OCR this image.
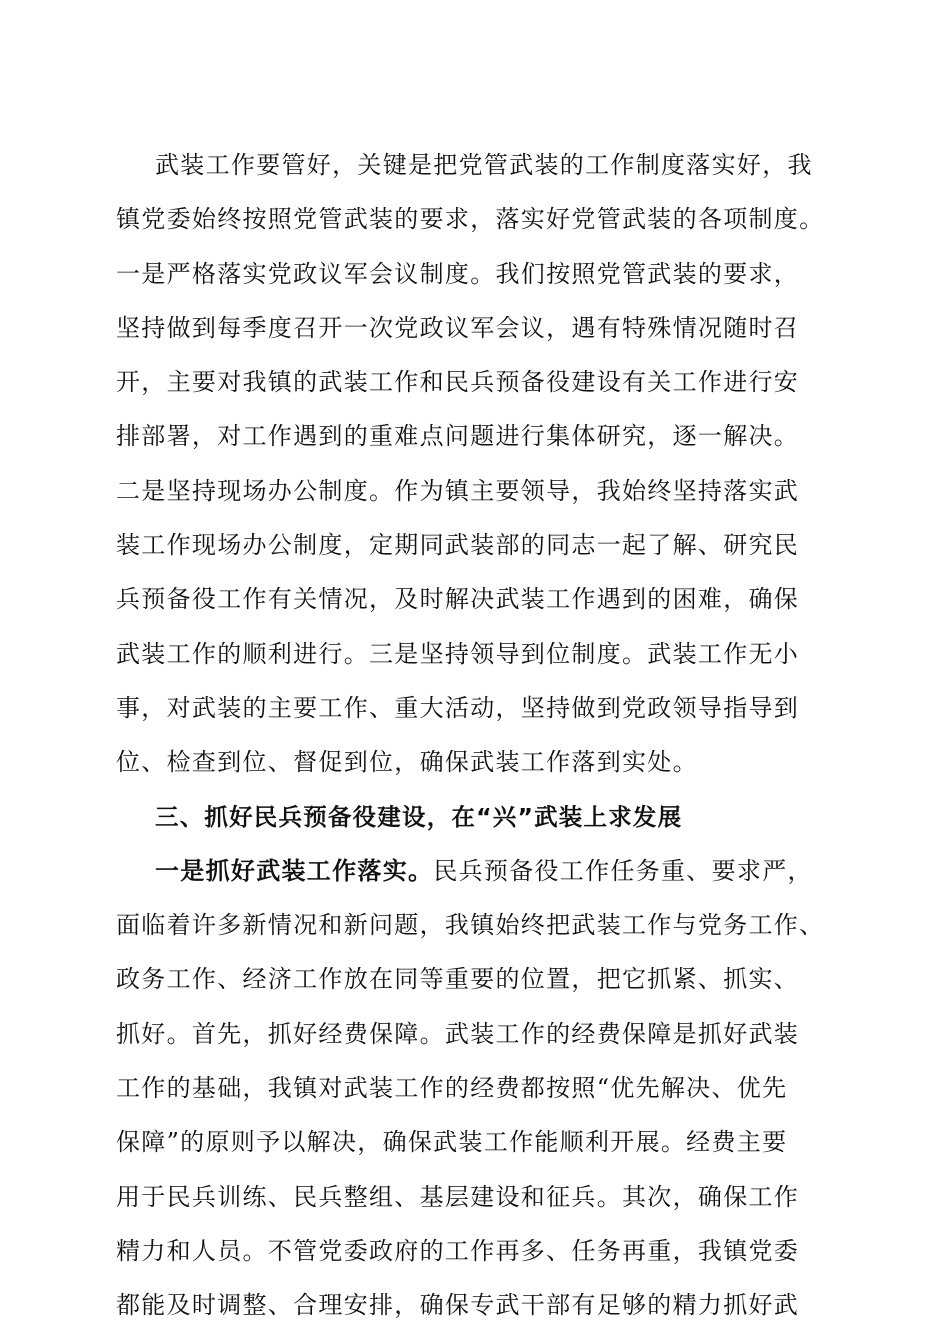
武装工作要管好，关键是把党管武装的工作制度落实好，我
镇党委始终按照党管武装的要求，落实好党管武装的各项制度。
一是严格落实党政议军会议制度。我们按照党管武装的要求，
坚持做到每季度召开一次党政议军会议，遇有特殊情况随时召
开，主要对我镇的武装工作和民兵预备役建设有关工作进行安
排部署，对工作遇到的重难点问题进行集体研究，逐一解决。
二是坚持现场办公制度。作为镇主要领导，我始终坚持落实武
装工作现场办公制度，定期同武装部的同志一起了解、研究民
兵预备役工作有关情况，及时解决武装工作遇到的困难，确保
武装工作的顺利进行。三是坚持领导到位制度。武装工作无小
事，对武装的主要工作、重大活动，坚持做到党政领导指导到
位、检查到位、督促到位，确保武装工作落到实处。
三、抓好民兵预备役建设，在“兴”武装上求发展
一是抓好武装工作落实。民兵预备役工作任务重、要求严，
面临着许多新情况和新问题，我镇始终把武装工作与党务工作、
政务工作、经济工作放在同等重要的位置，把它抓紧、抓实、
抓好。首先，抓好经费保障。武装工作的经费保障是抓好武装
工作的基础，我镇对武装工作的经费都按照“优先解决、优先
保障”的原则予以解决，确保武装工作能顺利开展。经费主要
用于民兵训练、民兵整组、基层建设和征兵。其次，确保工作
精力和人员。不管党委政府的工作再多、任务再重，我镇党委
都能及时调整、合理安排，确保专武干部有足够的精力抓好武
